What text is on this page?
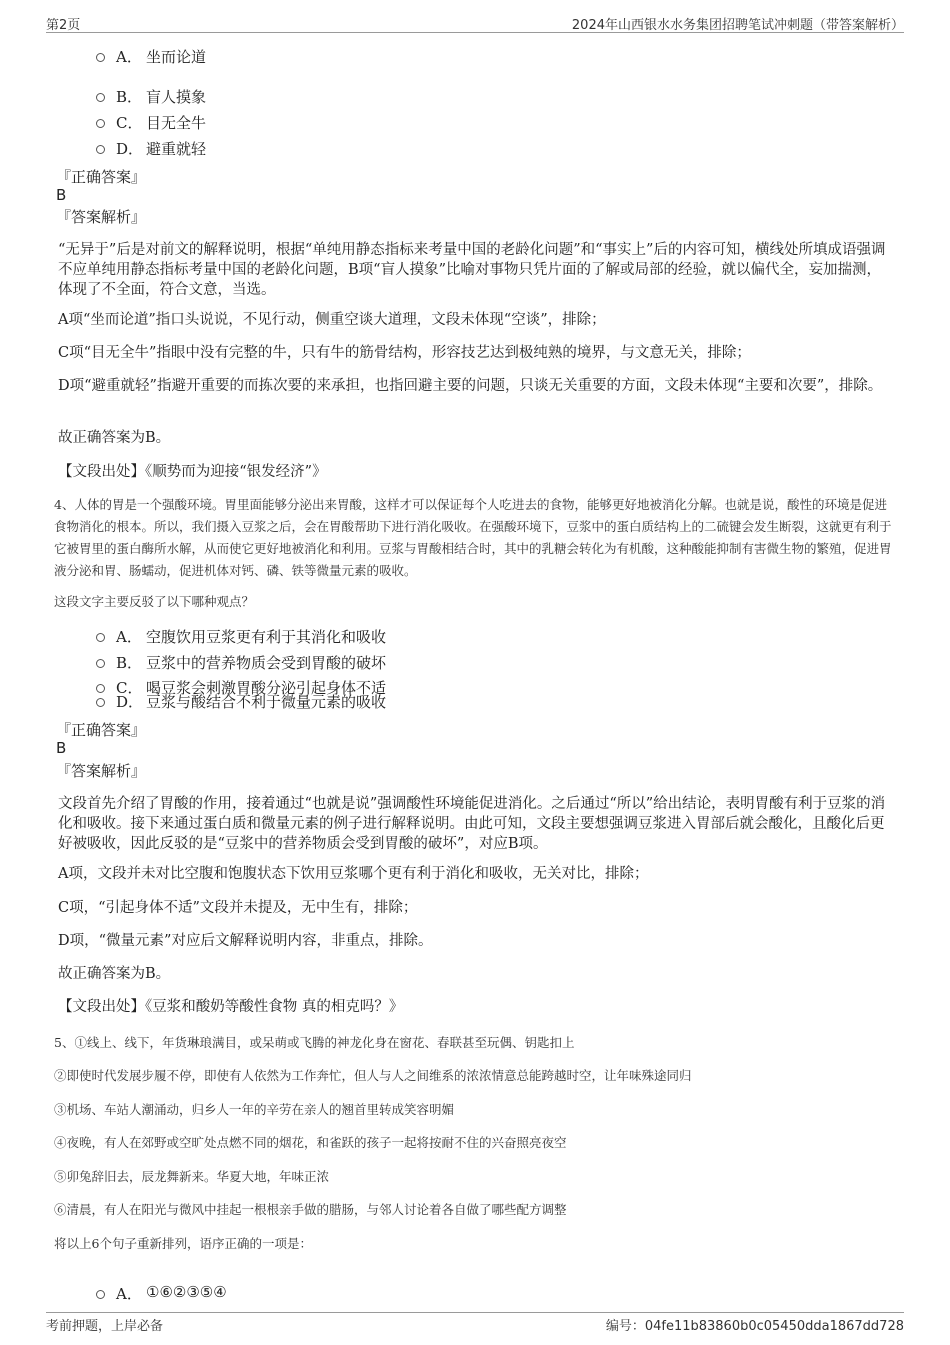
第2页	2024年山西银水水务集团招聘笔试冲刺题（带答案解析）
A． 坐而论道
B． 盲人摸象
C． 目无全牛
D． 避重就轻
『正确答案』
B
『答案解析』
“无异于”后是对前文的解释说明，根据“单纯用静态指标来考量中国的老龄化问题”和“事实上”后的内容可知，横线处所填成语强调不应单纯用静态指标考量中国的老龄化问题，B项“盲人摸象”比喻对事物只凭片面的了解或局部的经验，就以偏代全，妄加揣测，体现了不全面，符合文意，当选。
A项“坐而论道”指口头说说，不见行动，侧重空谈大道理，文段未体现“空谈”，排除；
C项“目无全牛”指眼中没有完整的牛，只有牛的筋骨结构，形容技艺达到极纯熟的境界，与文意无关，排除；
D项“避重就轻”指避开重要的而拣次要的来承担，也指回避主要的问题，只谈无关重要的方面，文段未体现“主要和次要”，排除。
故正确答案为B。
【文段出处】《顺势而为迎接“银发经济”》
4、人体的胃是一个强酸环境。胃里面能够分泌出来胃酸，这样才可以保证每个人吃进去的食物，能够更好地被消化分解。也就是说，酸性的环境是促进食物消化的根本。所以，我们摄入豆浆之后，会在胃酸帮助下进行消化吸收。在强酸环境下，豆浆中的蛋白质结构上的二硫键会发生断裂，这就更有利于它被胃里的蛋白酶所水解，从而使它更好地被消化和利用。豆浆与胃酸相结合时，其中的乳糖会转化为有机酸，这种酸能抑制有害微生物的繁殖，促进胃液分泌和胃、肠蠕动，促进机体对钙、磷、铁等微量元素的吸收。
这段文字主要反驳了以下哪种观点？
A． 空腹饮用豆浆更有利于其消化和吸收
B． 豆浆中的营养物质会受到胃酸的破坏
C． 喝豆浆会刺激胃酸分泌引起身体不适
D． 豆浆与酸结合不利于微量元素的吸收
『正确答案』
B
『答案解析』
文段首先介绍了胃酸的作用，接着通过“也就是说”强调酸性环境能促进消化。之后通过“所以”给出结论，表明胃酸有利于豆浆的消化和吸收。接下来通过蛋白质和微量元素的例子进行解释说明。由此可知，文段主要想强调豆浆进入胃部后就会酸化，且酸化后更好被吸收，因此反驳的是“豆浆中的营养物质会受到胃酸的破坏”，对应B项。
A项，文段并未对比空腹和饱腹状态下饮用豆浆哪个更有利于消化和吸收，无关对比，排除；
C项，“引起身体不适”文段并未提及，无中生有，排除；
D项，“微量元素”对应后文解释说明内容，非重点，排除。
故正确答案为B。
【文段出处】《豆浆和酸奶等酸性食物 真的相克吗？》
5、①线上、线下，年货琳琅满目，或呆萌或飞腾的神龙化身在窗花、春联甚至玩偶、钥匙扣上
②即使时代发展步履不停，即使有人依然为工作奔忙，但人与人之间维系的浓浓情意总能跨越时空，让年味殊途同归
③机场、车站人潮涌动，归乡人一年的辛劳在亲人的翘首里转成笑容明媚
④夜晚，有人在郊野或空旷处点燃不同的烟花，和雀跃的孩子一起将按耐不住的兴奋照亮夜空
⑤卯兔辞旧去，辰龙舞新来。华夏大地，年味正浓
⑥清晨，有人在阳光与微风中挂起一根根亲手做的腊肠，与邻人讨论着各自做了哪些配方调整
将以上6个句子重新排列，语序正确的一项是：
A． ①⑥②③⑤④
考前押题，上岸必备	编号：04fe11b83860b0c05450dda1867dd728
